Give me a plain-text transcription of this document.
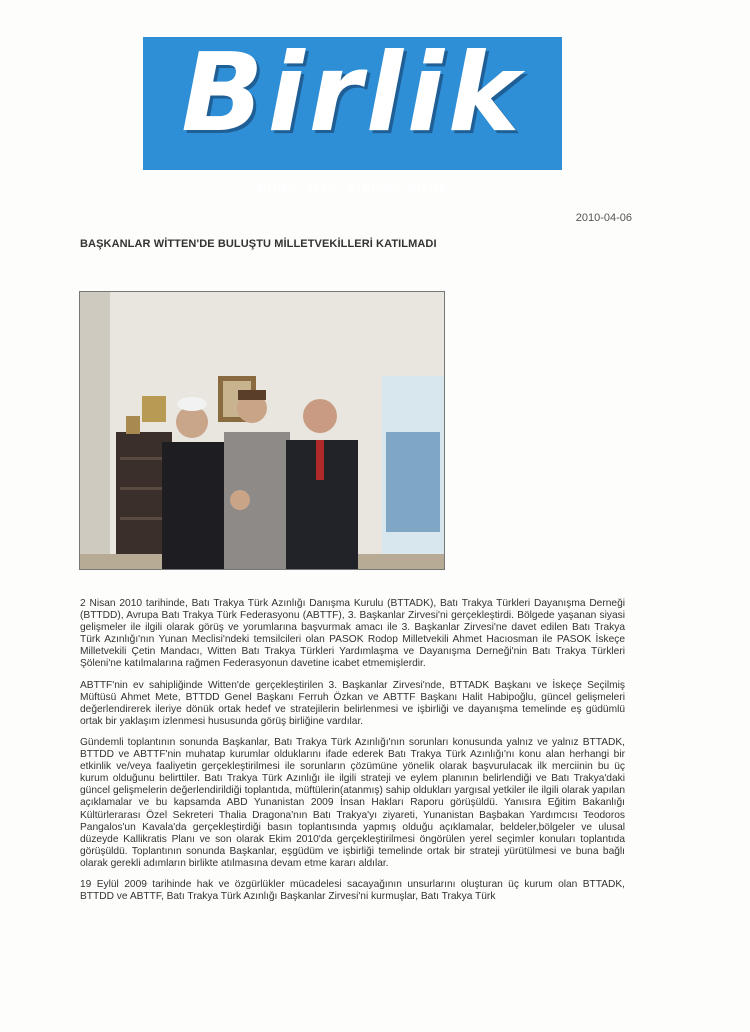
Birlik
Dilde, İşte, Fikirde Birlik
2010-04-06
BAŞKANLAR WİTTEN'DE BULUŞTU MİLLETVEKİLLERİ KATILMADI

2 Nisan 2010 tarihinde, Batı Trakya Türk Azınlığı Danışma Kurulu (BTTADK), Batı Trakya Türkleri Dayanışma Derneği (BTTDD), Avrupa Batı Trakya Türk Federasyonu (ABTTF), 3. Başkanlar Zirvesi'ni gerçekleştirdi. Bölgede yaşanan siyasi gelişmeler ile ilgili olarak görüş ve yorumlarına başvurmak amacı ile 3. Başkanlar Zirvesi'ne davet edilen Batı Trakya Türk Azınlığı'nın Yunan Meclisi'ndeki temsilcileri olan PASOK Rodop Milletvekili Ahmet Hacıosman ile PASOK İskeçe Milletvekili Çetin Mandacı, Witten Batı Trakya Türkleri Yardımlaşma ve Dayanışma Derneği'nin Batı Trakya Türkleri Şöleni'ne katılmalarına rağmen Federasyonun davetine icabet etmemişlerdir.

ABTTF'nin ev sahipliğinde Witten'de gerçekleştirilen 3. Başkanlar Zirvesi'nde, BTTADK Başkanı ve İskeçe Seçilmiş Müftüsü Ahmet Mete, BTTDD Genel Başkanı Ferruh Özkan ve ABTTF Başkanı Halit Habipoğlu, güncel gelişmeleri değerlendirerek ileriye dönük ortak hedef ve stratejilerin belirlenmesi ve işbirliği ve dayanışma temelinde eş güdümlü ortak bir yaklaşım izlenmesi hususunda görüş birliğine vardılar.

Gündemli toplantının sonunda Başkanlar, Batı Trakya Türk Azınlığı'nın sorunları konusunda yalnız ve yalnız BTTADK, BTTDD ve ABTTF'nin muhatap kurumlar olduklarını ifade ederek Batı Trakya Türk Azınlığı'nı konu alan herhangi bir etkinlik ve/veya faaliyetin gerçekleştirilmesi ile sorunların çözümüne yönelik olarak başvurulacak ilk merciinin bu üç kurum olduğunu belirttiler. Batı Trakya Türk Azınlığı ile ilgili strateji ve eylem planının belirlendiği ve Batı Trakya'daki güncel gelişmelerin değerlendirildiği toplantıda, müftülerin(atanmış) sahip oldukları yargısal yetkiler ile ilgili olarak yapılan açıklamalar ve bu kapsamda ABD Yunanistan 2009 İnsan Hakları Raporu görüşüldü. Yanısıra Eğitim Bakanlığı Kültürlerarası Özel Sekreteri Thalia Dragona'nın Batı Trakya'yı ziyareti, Yunanistan Başbakan Yardımcısı Teodoros Pangalos'un Kavala'da gerçekleştirdiği basın toplantısında yapmış olduğu açıklamalar, beldeler,bölgeler ve ulusal düzeyde Kallikratis Planı ve son olarak Ekim 2010'da gerçekleştirilmesi öngörülen yerel seçimler konuları toplantıda görüşüldü. Toplantının sonunda Başkanlar, eşgüdüm ve işbirliği temelinde ortak bir strateji yürütülmesi ve buna bağlı olarak gerekli adımların birlikte atılmasına devam etme kararı aldılar.

19 Eylül 2009 tarihinde hak ve özgürlükler mücadelesi sacayağının unsurlarını oluşturan üç kurum olan BTTADK, BTTDD ve ABTTF, Batı Trakya Türk Azınlığı Başkanlar Zirvesi'ni kurmuşlar, Batı Trakya Türk
